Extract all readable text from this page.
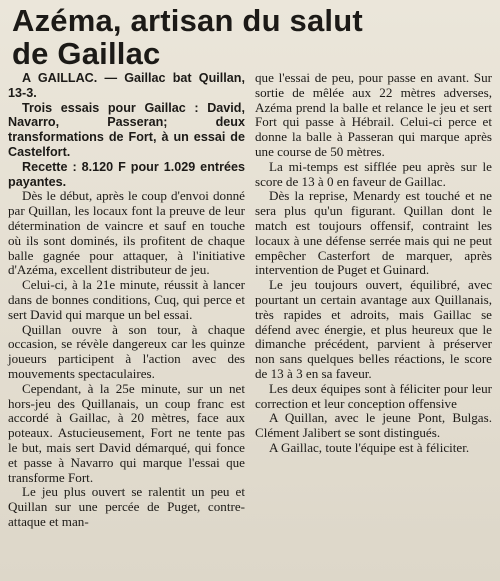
Azéma, artisan du salut
de Gaillac

A GAILLAC. — Gaillac bat Quillan, 13-3.

Trois essais pour Gaillac : David, Navarro, Passeran; deux transformations de Fort, à un essai de Castelfort.

Recette : 8.120 F pour 1.029 entrées payantes.

Dès le début, après le coup d'envoi donné par Quillan, les locaux font la preuve de leur détermination de vaincre et sauf en touche où ils sont dominés, ils profitent de chaque balle gagnée pour attaquer, à l'initiative d'Azéma, excellent distributeur de jeu.

Celui-ci, à la 21e minute, réussit à lancer dans de bonnes conditions, Cuq, qui perce et sert David qui marque un bel essai.

Quillan ouvre à son tour, à chaque occasion, se révèle dangereux car les quinze joueurs participent à l'action avec des mouvements spectaculaires.

Cependant, à la 25e minute, sur un net hors-jeu des Quillanais, un coup franc est accordé à Gaillac, à 20 mètres, face aux poteaux. Astucieusement, Fort ne tente pas le but, mais sert David démarqué, qui fonce et passe à Navarro qui marque l'essai que transforme Fort.

Le jeu plus ouvert se ralentit un peu et Quillan sur une percée de Puget, contre-attaque et man-

que l'essai de peu, pour passe en avant. Sur sortie de mêlée aux 22 mètres adverses, Azéma prend la balle et relance le jeu et sert Fort qui passe à Hébrail. Celui-ci perce et donne la balle à Passeran qui marque après une course de 50 mètres.

La mi-temps est sifflée peu après sur le score de 13 à 0 en faveur de Gaillac.

Dès la reprise, Menardy est touché et ne sera plus qu'un figurant. Quillan dont le match est toujours offensif, contraint les locaux à une défense serrée mais qui ne peut empêcher Casterfort de marquer, après intervention de Puget et Guinard.

Le jeu toujours ouvert, équilibré, avec pourtant un certain avantage aux Quillanais, très rapides et adroits, mais Gaillac se défend avec énergie, et plus heureux que le dimanche précédent, parvient à préserver non sans quelques belles réactions, le score de 13 à 3 en sa faveur.

Les deux équipes sont à féliciter pour leur correction et leur conception offensive

A Quillan, avec le jeune Pont, Bulgas. Clément Jalibert se sont distingués.

A Gaillac, toute l'équipe est à féliciter.
